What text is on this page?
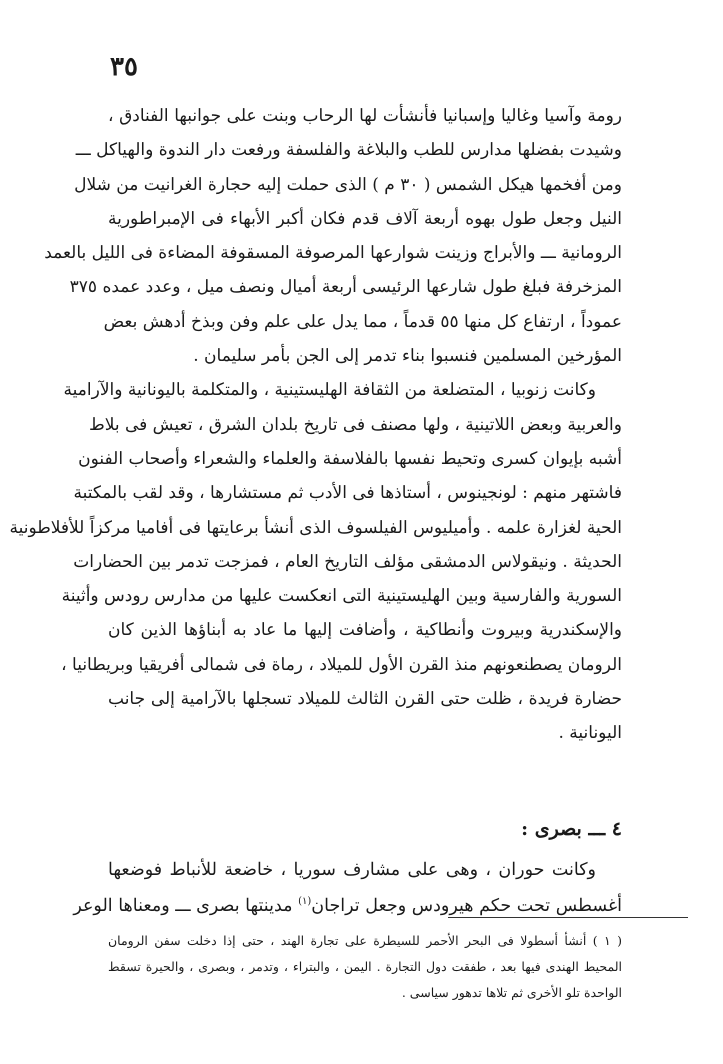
٣٥
رومة وآسيا وغاليا وإسبانيا فأنشأت لها الرحاب وبنت على جوانبها الفنادق ،
وشيدت بفضلها مدارس للطب والبلاغة والفلسفة ورفعت دار الندوة والهياكل ـــ
ومن أفخمها هيكل الشمس ( ٣٠ م ) الذى حملت إليه حجارة الغرانيت من شلال
النيل وجعل طول بهوه أربعة آلاف قدم فكان أكبر الأبهاء فى الإمبراطورية
الرومانية ـــ والأبراج وزينت شوارعها المرصوفة المسقوفة المضاءة فى الليل بالعمد
المزخرفة فبلغ طول شارعها الرئيسى أربعة أميال ونصف ميل ، وعدد عمده ٣٧٥
عموداً ، ارتفاع كل منها ٥٥ قدماً ، مما يدل على علم وفن وبذخ أدهش بعض
المؤرخين المسلمين فنسبوا بناء تدمر إلى الجن بأمر سليمان .
وكانت زنوبيا ، المتضلعة من الثقافة الهليستينية ، والمتكلمة باليونانية والآرامية
والعربية وبعض اللاتينية ، ولها مصنف فى تاريخ بلدان الشرق ، تعيش فى بلاط
أشبه بإيوان كسرى وتحيط نفسها بالفلاسفة والعلماء والشعراء وأصحاب الفنون
فاشتهر منهم : لونجينوس ، أستاذها فى الأدب ثم مستشارها ، وقد لقب بالمكتبة
الحية لغزارة علمه . وأميليوس الفيلسوف الذى أنشأ برعايتها فى أفاميا مركزاً للأفلاطونية
الحديثة . ونيقولاس الدمشقى مؤلف التاريخ العام ، فمزجت تدمر بين الحضارات
السورية والفارسية وبين الهليستينية التى انعكست عليها من مدارس رودس وأثينة
والإسكندرية وبيروت وأنطاكية ، وأضافت إليها ما عاد به أبناؤها الذين كان
الرومان يصطنعونهم منذ القرن الأول للميلاد ، رماة فى شمالى أفريقيا وبريطانيا ،
حضارة فريدة ، ظلت حتى القرن الثالث للميلاد تسجلها بالآرامية إلى جانب
اليونانية .
٤ ـــ بصرى :
وكانت حوران ، وهى على مشارف سوريا ، خاضعة للأنباط فوضعها
أغسطس تحت حكم هيرودس وجعل تراجان$^{(١)}$ مدينتها بصرى ـــ ومعناها الوعر
( ١ ) أنشأ أسطولا فى البحر الأحمر للسيطرة على تجارة الهند ، حتى إذا دخلت سفن الرومان
المحيط الهندى فيها بعد ، طفقت دول التجارة . اليمن ، والبتراء ، وتدمر ، وبصرى ، والحيرة تسقط
الواحدة تلو الأخرى ثم تلاها تدهور سياسى .
